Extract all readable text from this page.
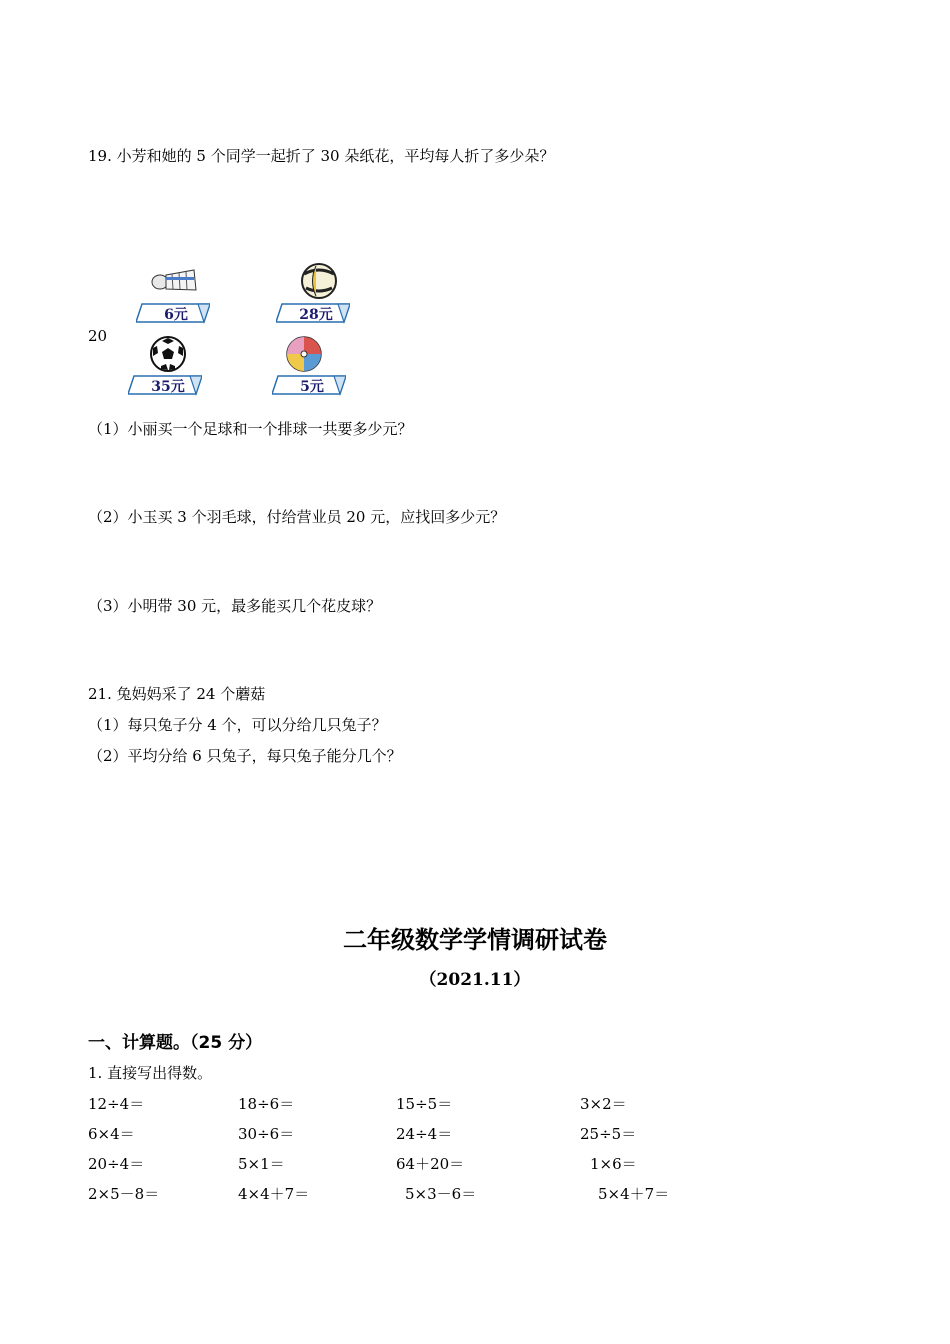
19. 小芳和她的 5 个同学一起折了 30 朵纸花，平均每人折了多少朵？
20
6元	28元
35元	5元
（1）小丽买一个足球和一个排球一共要多少元？
（2）小玉买 3 个羽毛球，付给营业员 20 元，应找回多少元？
（3）小明带 30 元，最多能买几个花皮球？
21. 兔妈妈采了 24 个蘑菇
（1）每只兔子分 4 个，可以分给几只兔子？
（2）平均分给 6 只兔子，每只兔子能分几个？
二年级数学学情调研试卷
（2021.11）
一、计算题。（25 分）
1. 直接写出得数。
12÷4＝	18÷6＝	15÷5＝	3×2＝
6×4＝	30÷6＝	24÷4＝	25÷5＝
20÷4＝	5×1＝	64＋20＝	1×6＝
2×5－8＝	4×4＋7＝	5×3－6＝	5×4＋7＝
